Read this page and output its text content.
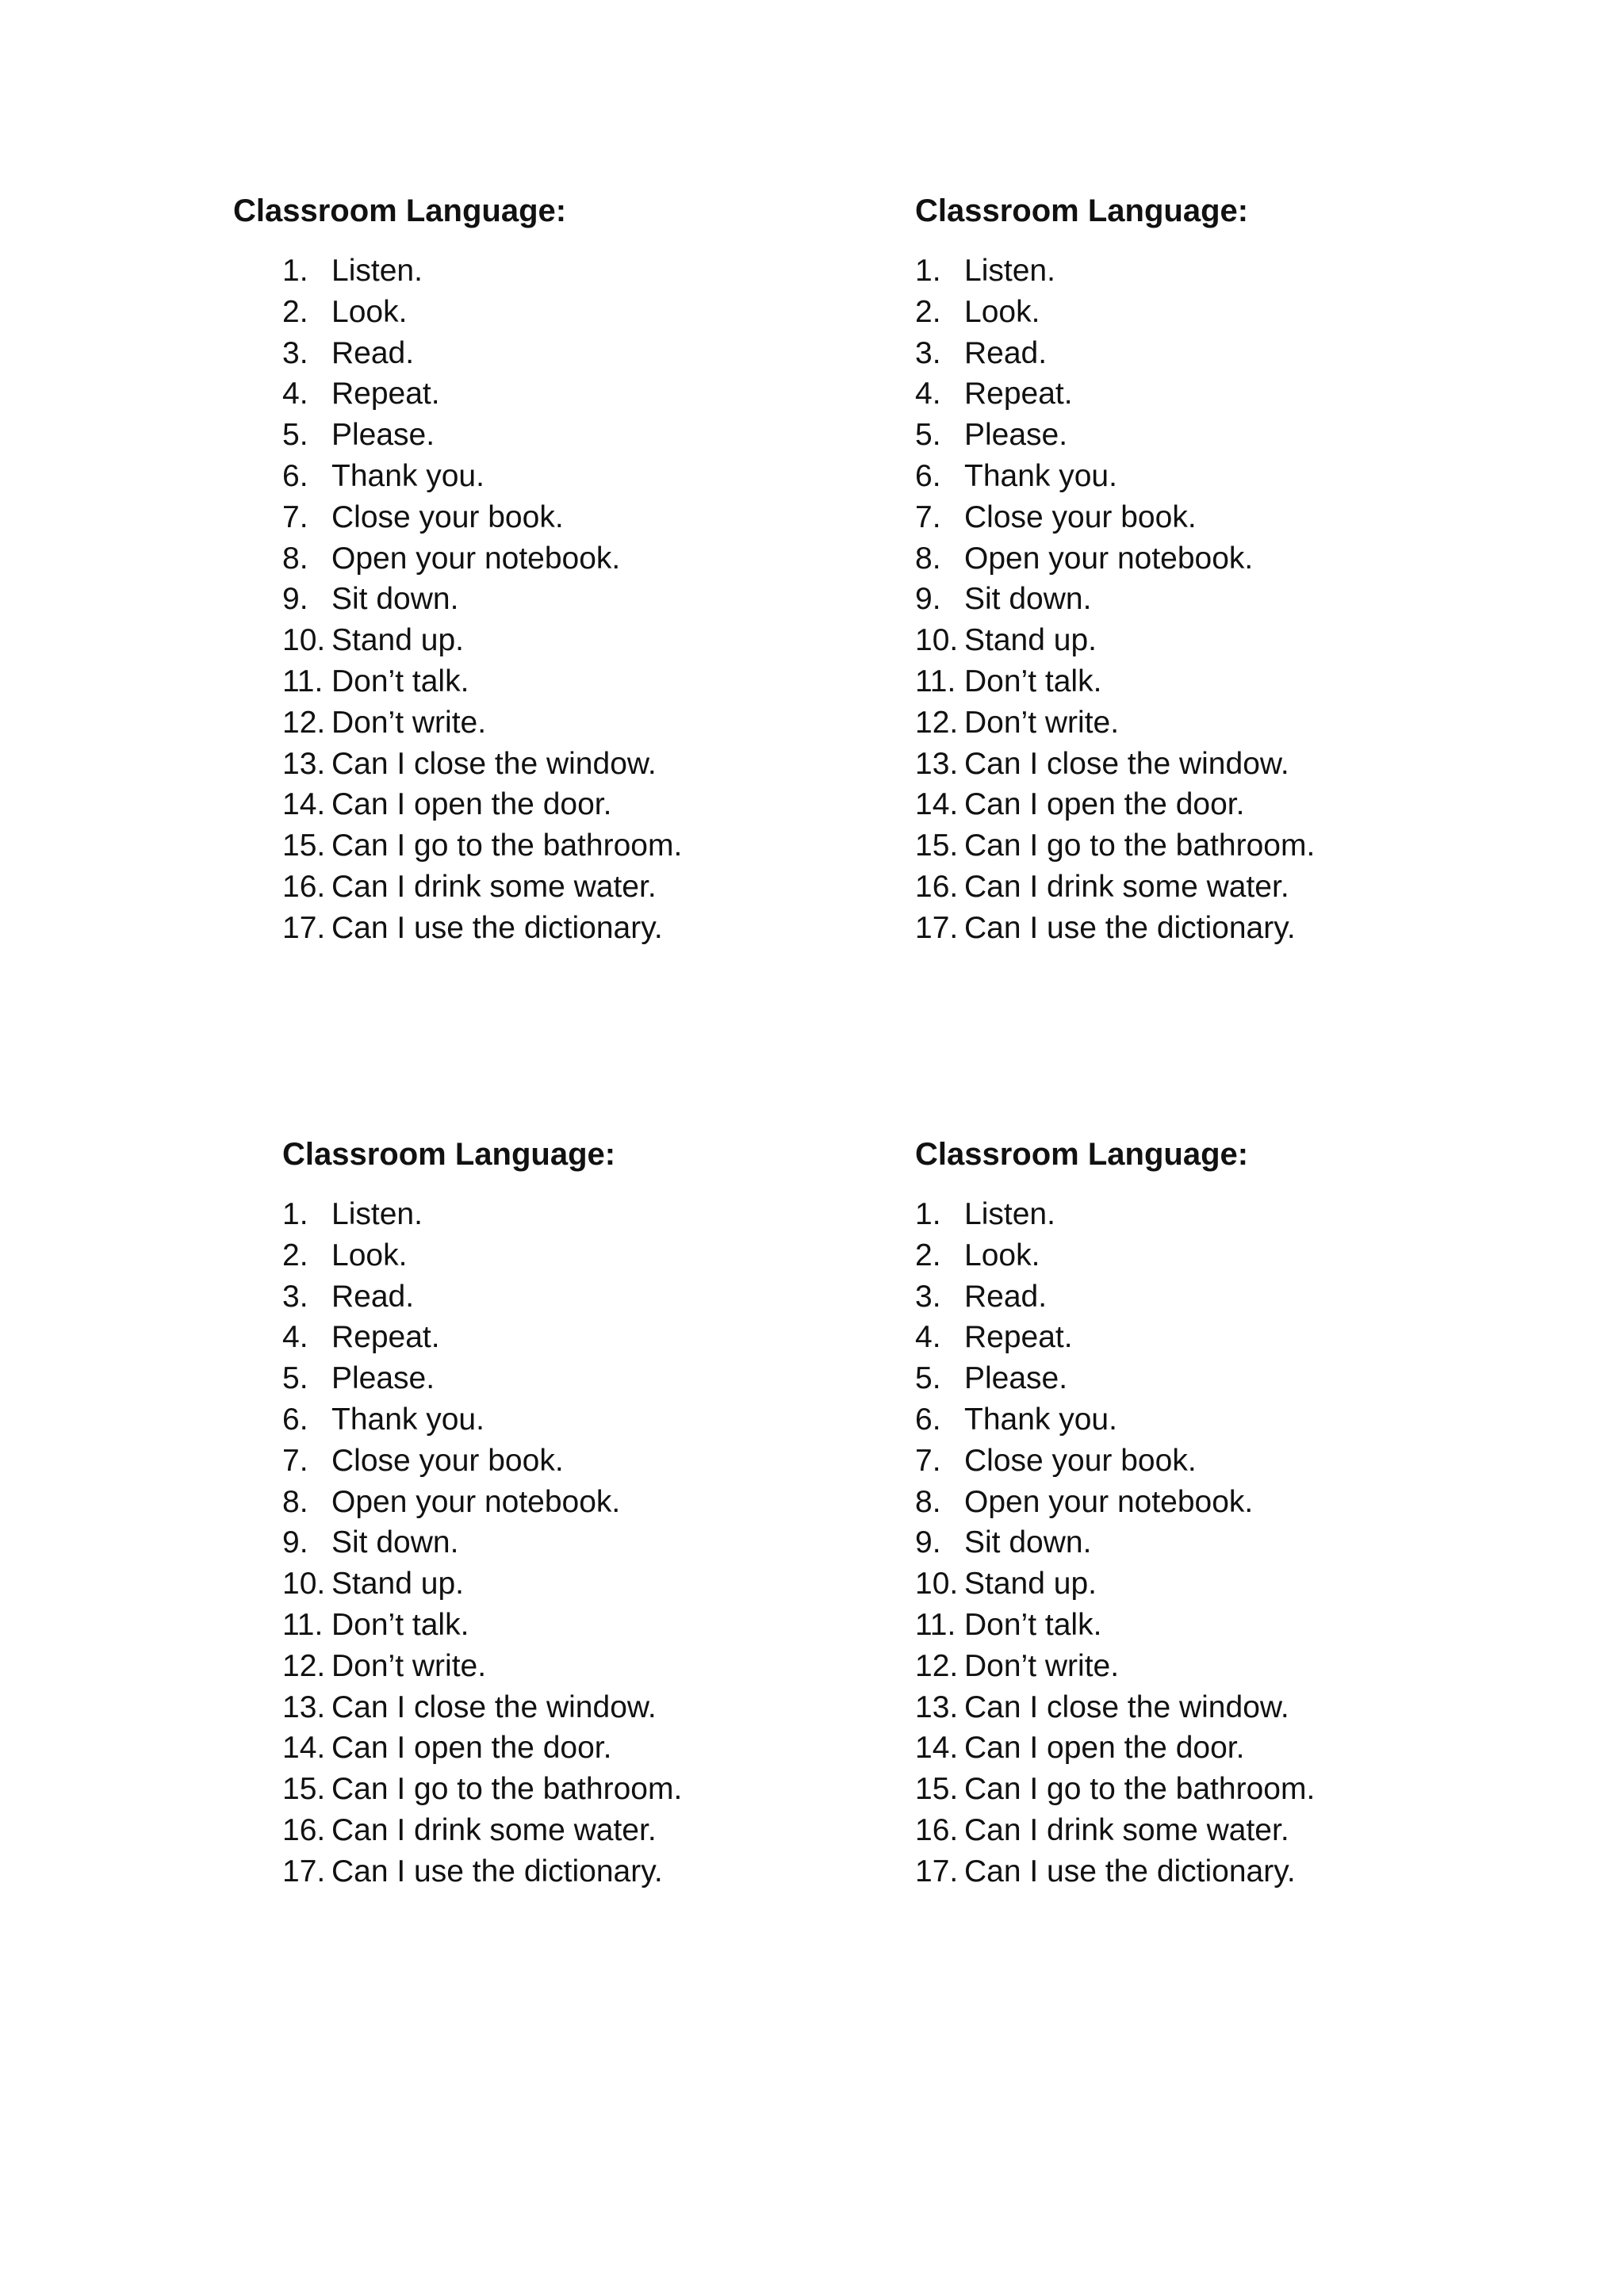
Classroom Language:
1. Listen.
2. Look.
3. Read.
4. Repeat.
5. Please.
6. Thank you.
7. Close your book.
8. Open your notebook.
9. Sit down.
10. Stand up.
11. Don’t talk.
12. Don’t write.
13. Can I close the window.
14. Can I open the door.
15. Can I go to the bathroom.
16. Can I drink some water.
17. Can I use the dictionary.
Classroom Language:
1. Listen.
2. Look.
3. Read.
4. Repeat.
5. Please.
6. Thank you.
7. Close your book.
8. Open your notebook.
9. Sit down.
10. Stand up.
11. Don’t talk.
12. Don’t write.
13. Can I close the window.
14. Can I open the door.
15. Can I go to the bathroom.
16. Can I drink some water.
17. Can I use the dictionary.
Classroom Language:
1. Listen.
2. Look.
3. Read.
4. Repeat.
5. Please.
6. Thank you.
7. Close your book.
8. Open your notebook.
9. Sit down.
10. Stand up.
11. Don’t talk.
12. Don’t write.
13. Can I close the window.
14. Can I open the door.
15. Can I go to the bathroom.
16. Can I drink some water.
17. Can I use the dictionary.
Classroom Language:
1. Listen.
2. Look.
3. Read.
4. Repeat.
5. Please.
6. Thank you.
7. Close your book.
8. Open your notebook.
9. Sit down.
10. Stand up.
11. Don’t talk.
12. Don’t write.
13. Can I close the window.
14. Can I open the door.
15. Can I go to the bathroom.
16. Can I drink some water.
17. Can I use the dictionary.
